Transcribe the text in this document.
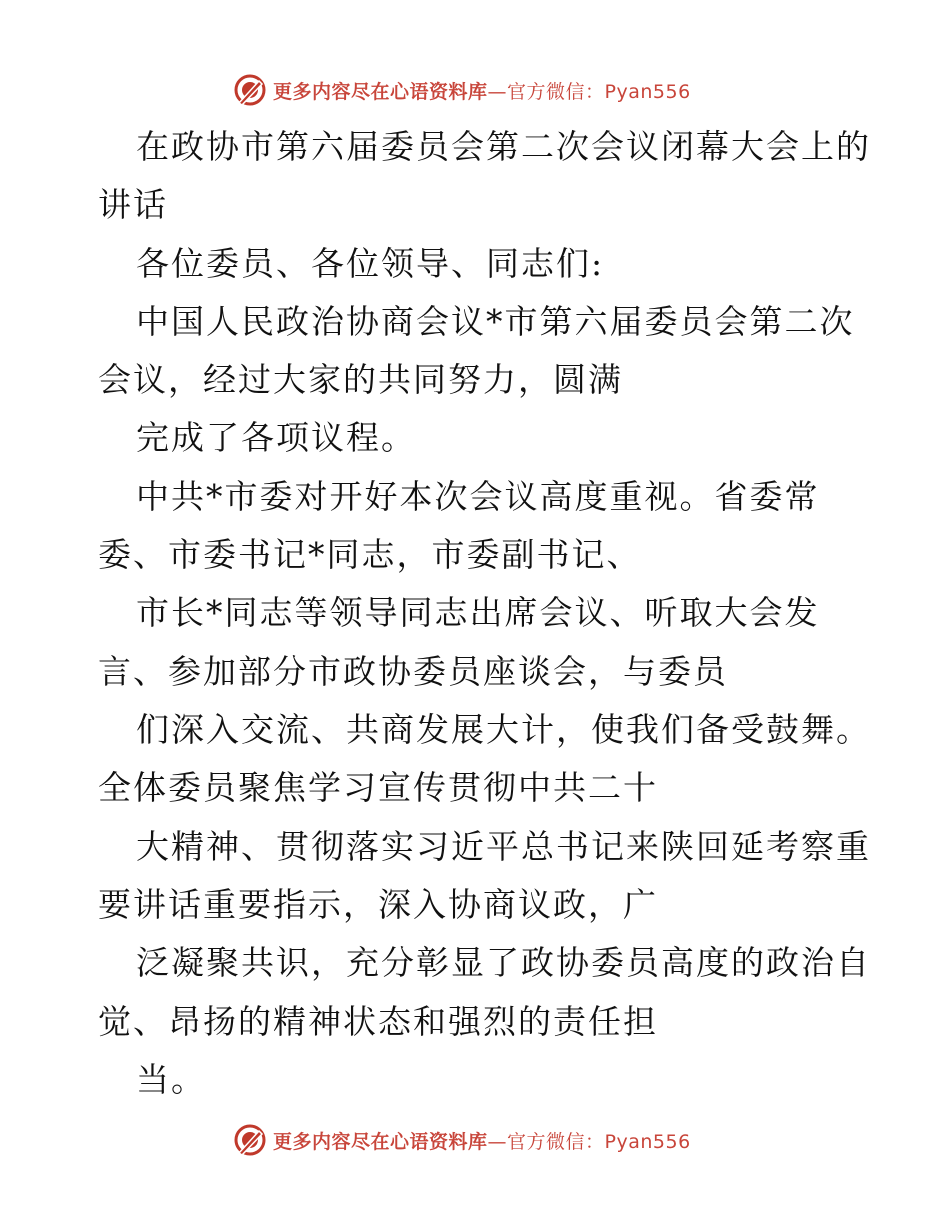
更多内容尽在心语资料库—官方微信：Pyan556
在政协市第六届委员会第二次会议闭幕大会上的
讲话
各位委员、各位领导、同志们:
中国人民政治协商会议*市第六届委员会第二次
会议，经过大家的共同努力，圆满
完成了各项议程。
中共*市委对开好本次会议高度重视。省委常
委、市委书记*同志，市委副书记、
市长*同志等领导同志出席会议、听取大会发
言、参加部分市政协委员座谈会，与委员
们深入交流、共商发展大计，使我们备受鼓舞。
全体委员聚焦学习宣传贯彻中共二十
大精神、贯彻落实习近平总书记来陕回延考察重
要讲话重要指示，深入协商议政，广
泛凝聚共识，充分彰显了政协委员高度的政治自
觉、昂扬的精神状态和强烈的责任担
当。
更多内容尽在心语资料库—官方微信：Pyan556
